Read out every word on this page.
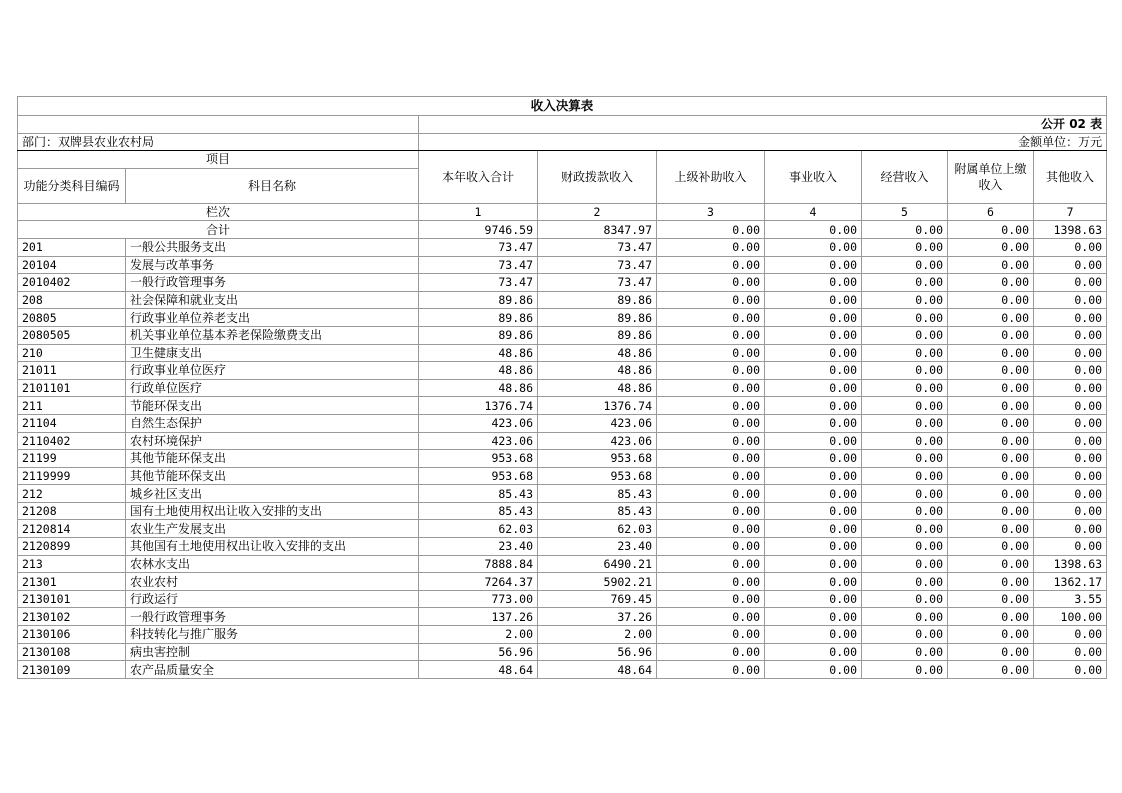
收入决算表								
		公开 02 表						
部门：双牌县农业农村局		金额单位：万元						
项目		本年收入合计	财政拨款收入	上级补助收入	事业收入	经营收入	附属单位上缴收入	其他收入
功能分类科目编码	科目名称							
栏次		1	2	3	4	5	6	7
合计		9746.59	8347.97	0.00	0.00	0.00	0.00	1398.63
201	一般公共服务支出	73.47	73.47	0.00	0.00	0.00	0.00	0.00
20104	发展与改革事务	73.47	73.47	0.00	0.00	0.00	0.00	0.00
2010402	一般行政管理事务	73.47	73.47	0.00	0.00	0.00	0.00	0.00
208	社会保障和就业支出	89.86	89.86	0.00	0.00	0.00	0.00	0.00
20805	行政事业单位养老支出	89.86	89.86	0.00	0.00	0.00	0.00	0.00
2080505	机关事业单位基本养老保险缴费支出	89.86	89.86	0.00	0.00	0.00	0.00	0.00
210	卫生健康支出	48.86	48.86	0.00	0.00	0.00	0.00	0.00
21011	行政事业单位医疗	48.86	48.86	0.00	0.00	0.00	0.00	0.00
2101101	行政单位医疗	48.86	48.86	0.00	0.00	0.00	0.00	0.00
211	节能环保支出	1376.74	1376.74	0.00	0.00	0.00	0.00	0.00
21104	自然生态保护	423.06	423.06	0.00	0.00	0.00	0.00	0.00
2110402	农村环境保护	423.06	423.06	0.00	0.00	0.00	0.00	0.00
21199	其他节能环保支出	953.68	953.68	0.00	0.00	0.00	0.00	0.00
2119999	其他节能环保支出	953.68	953.68	0.00	0.00	0.00	0.00	0.00
212	城乡社区支出	85.43	85.43	0.00	0.00	0.00	0.00	0.00
21208	国有土地使用权出让收入安排的支出	85.43	85.43	0.00	0.00	0.00	0.00	0.00
2120814	农业生产发展支出	62.03	62.03	0.00	0.00	0.00	0.00	0.00
2120899	其他国有土地使用权出让收入安排的支出	23.40	23.40	0.00	0.00	0.00	0.00	0.00
213	农林水支出	7888.84	6490.21	0.00	0.00	0.00	0.00	1398.63
21301	农业农村	7264.37	5902.21	0.00	0.00	0.00	0.00	1362.17
2130101	行政运行	773.00	769.45	0.00	0.00	0.00	0.00	3.55
2130102	一般行政管理事务	137.26	37.26	0.00	0.00	0.00	0.00	100.00
2130106	科技转化与推广服务	2.00	2.00	0.00	0.00	0.00	0.00	0.00
2130108	病虫害控制	56.96	56.96	0.00	0.00	0.00	0.00	0.00
2130109	农产品质量安全	48.64	48.64	0.00	0.00	0.00	0.00	0.00
